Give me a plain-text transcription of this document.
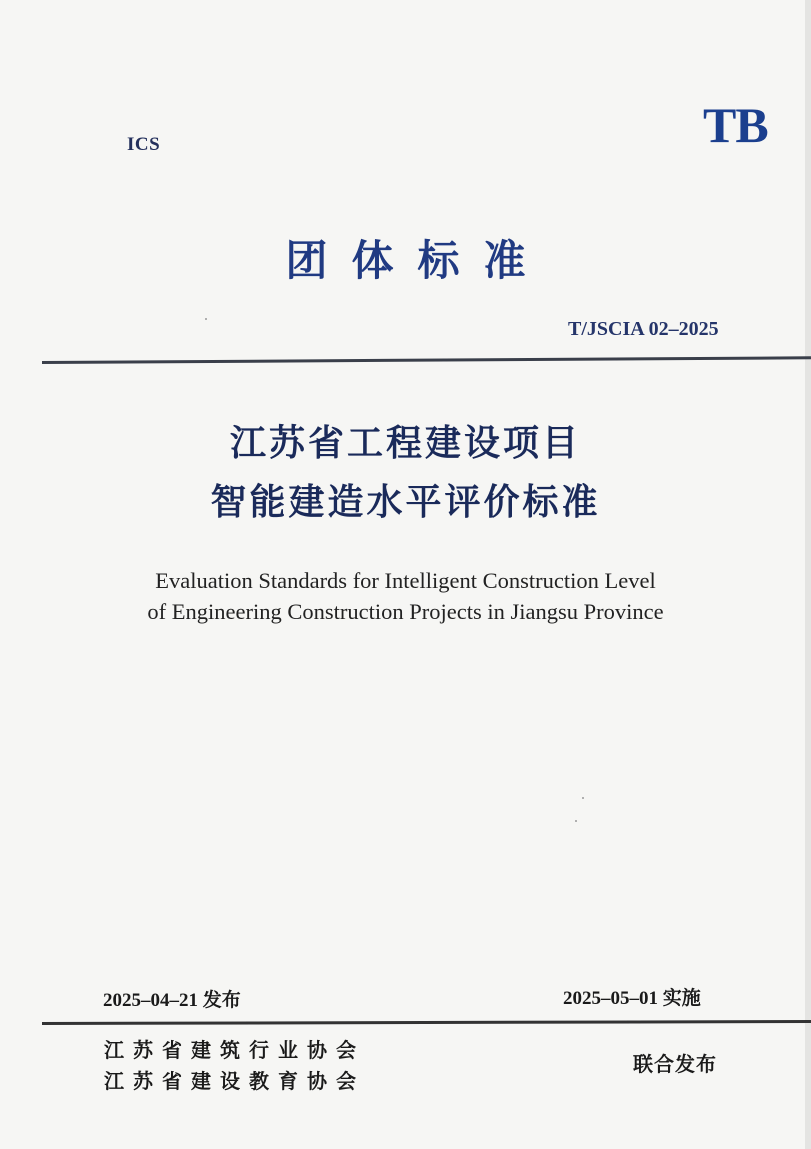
ICS	TB
团体标准
T/JSCIA 02–2025
江苏省工程建设项目
智能建造水平评价标准
Evaluation Standards for Intelligent Construction Level
of Engineering Construction Projects in Jiangsu Province
2025–04–21 发布	2025–05–01 实施
江苏省建筑行业协会
江苏省建设教育协会
联合发布
